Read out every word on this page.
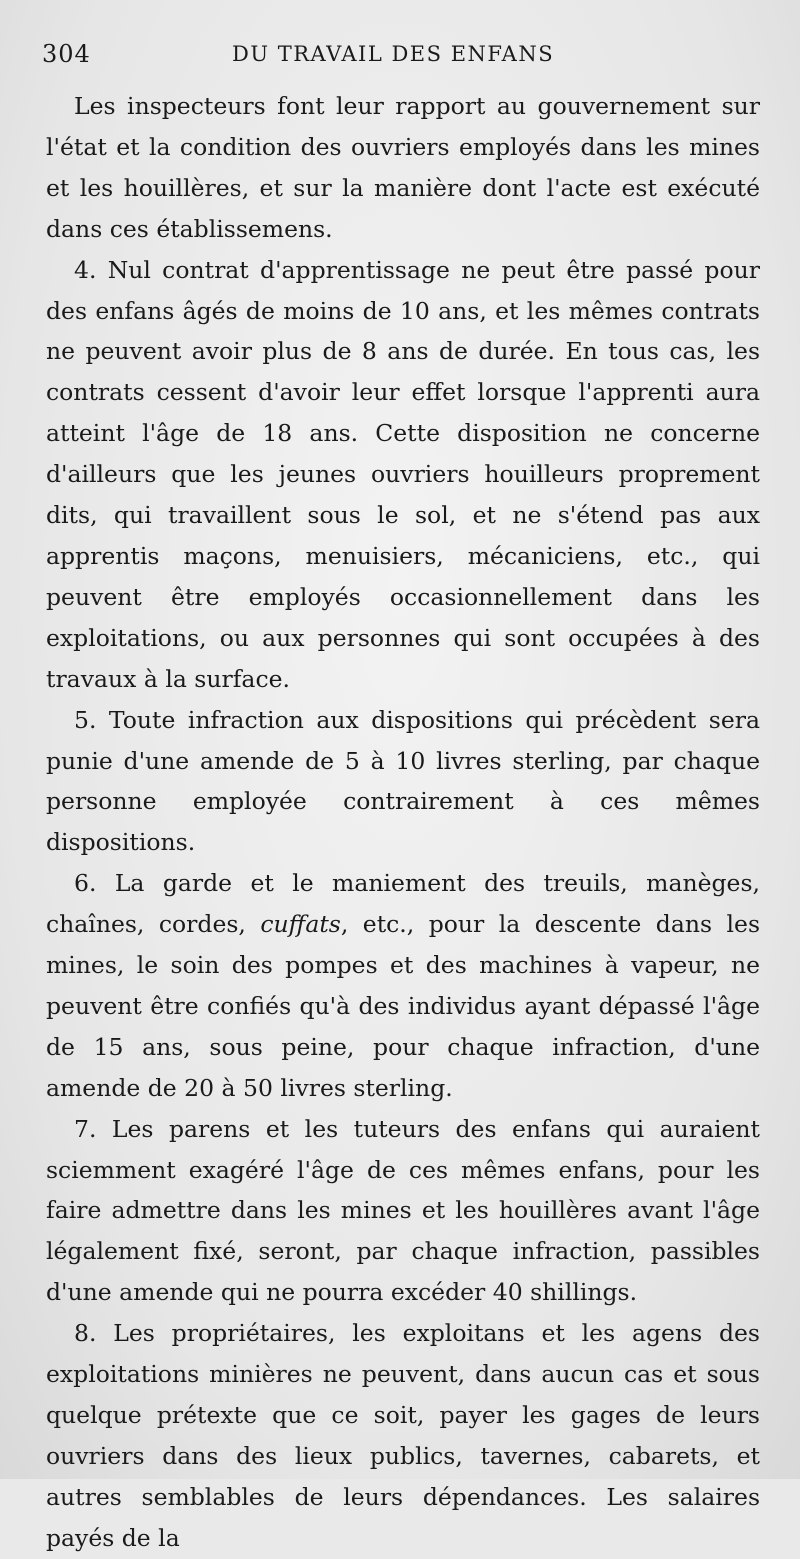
304	DU TRAVAIL DES ENFANS

Les inspecteurs font leur rapport au gouvernement sur l'état et la condition des ouvriers employés dans les mines et les houillères, et sur la manière dont l'acte est exécuté dans ces établissemens.

4. Nul contrat d'apprentissage ne peut être passé pour des enfans âgés de moins de 10 ans, et les mêmes contrats ne peuvent avoir plus de 8 ans de durée. En tous cas, les contrats cessent d'avoir leur effet lorsque l'apprenti aura atteint l'âge de 18 ans. Cette disposition ne concerne d'ailleurs que les jeunes ouvriers houilleurs proprement dits, qui travaillent sous le sol, et ne s'étend pas aux apprentis maçons, menuisiers, mécaniciens, etc., qui peuvent être employés occasionnellement dans les exploitations, ou aux personnes qui sont occupées à des travaux à la surface.

5. Toute infraction aux dispositions qui précèdent sera punie d'une amende de 5 à 10 livres sterling, par chaque personne employée contrairement à ces mêmes dispositions.

6. La garde et le maniement des treuils, manèges, chaînes, cordes, cuffats, etc., pour la descente dans les mines, le soin des pompes et des machines à vapeur, ne peuvent être confiés qu'à des individus ayant dépassé l'âge de 15 ans, sous peine, pour chaque infraction, d'une amende de 20 à 50 livres sterling.

7. Les parens et les tuteurs des enfans qui auraient sciemment exagéré l'âge de ces mêmes enfans, pour les faire admettre dans les mines et les houillères avant l'âge légalement fixé, seront, par chaque infraction, passibles d'une amende qui ne pourra excéder 40 shillings.

8. Les propriétaires, les exploitans et les agens des exploitations minières ne peuvent, dans aucun cas et sous quelque prétexte que ce soit, payer les gages de leurs ouvriers dans des lieux publics, tavernes, cabarets, et autres semblables de leurs dépendances. Les salaires payés de la
